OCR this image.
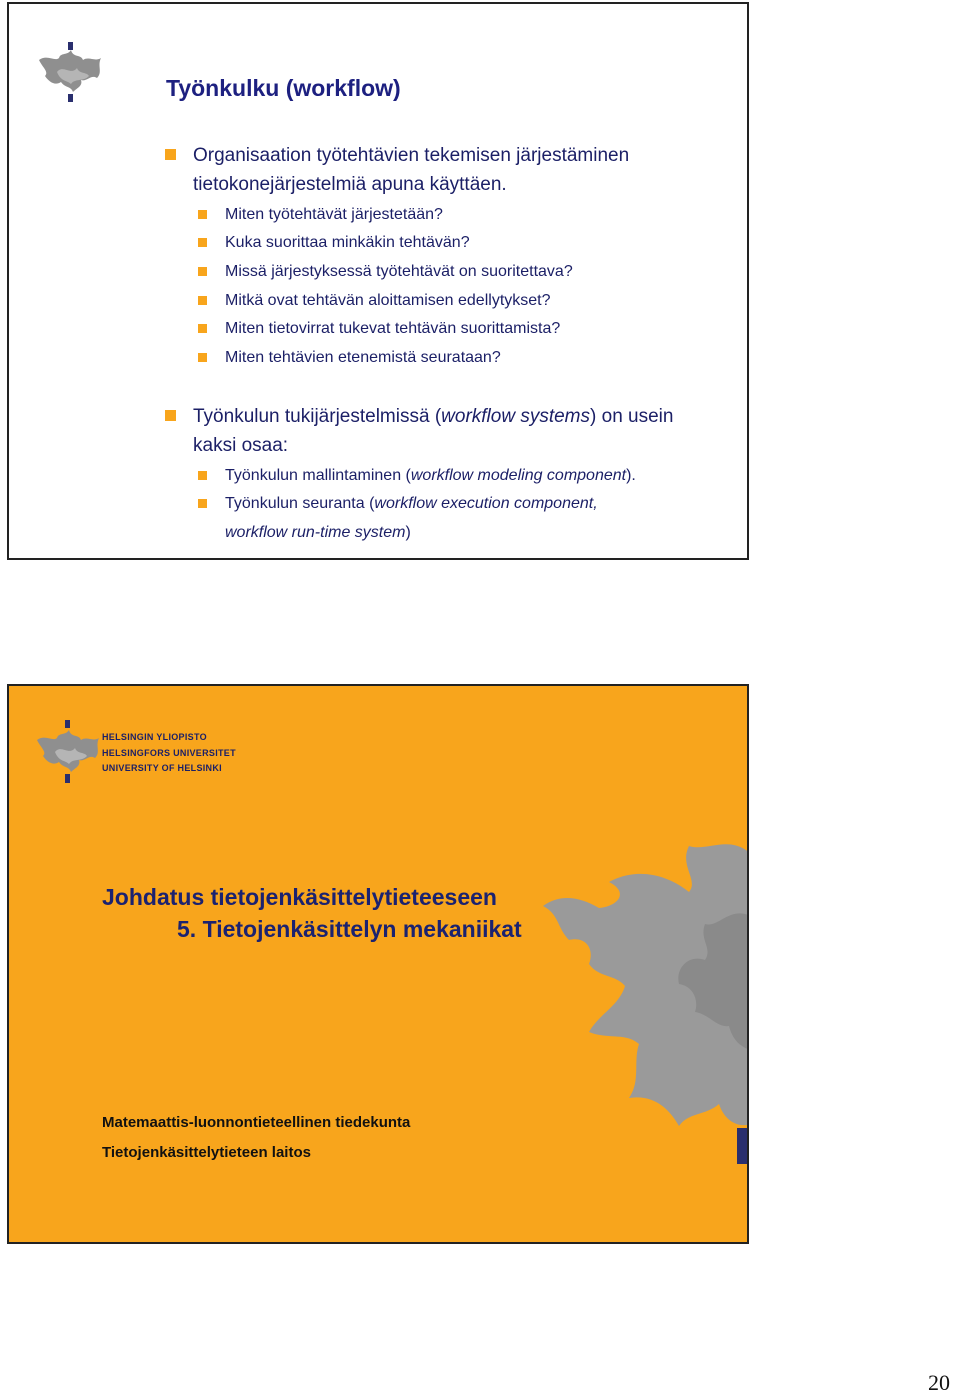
Työnkulku (workflow)
Organisaation työtehtävien tekemisen järjestäminen
tietokonejärjestelmiä apuna käyttäen.
Miten työtehtävät järjestetään?
Kuka suorittaa minkäkin tehtävän?
Missä järjestyksessä työtehtävät on suoritettava?
Mitkä ovat tehtävän aloittamisen edellytykset?
Miten tietovirrat tukevat tehtävän suorittamista?
Miten tehtävien etenemistä seurataan?
Työnkulun tukijärjestelmissä (workflow systems) on usein
kaksi osaa:
Työnkulun mallintaminen (workflow modeling component).
Työnkulun seuranta (workflow execution component,
workflow run-time system)
HELSINGIN YLIOPISTO
HELSINGFORS UNIVERSITET
UNIVERSITY OF HELSINKI
Johdatus tietojenkäsittelytieteeseen
5. Tietojenkäsittelyn mekaniikat
Matemaattis-luonnontieteellinen tiedekunta
Tietojenkäsittelytieteen laitos
20
